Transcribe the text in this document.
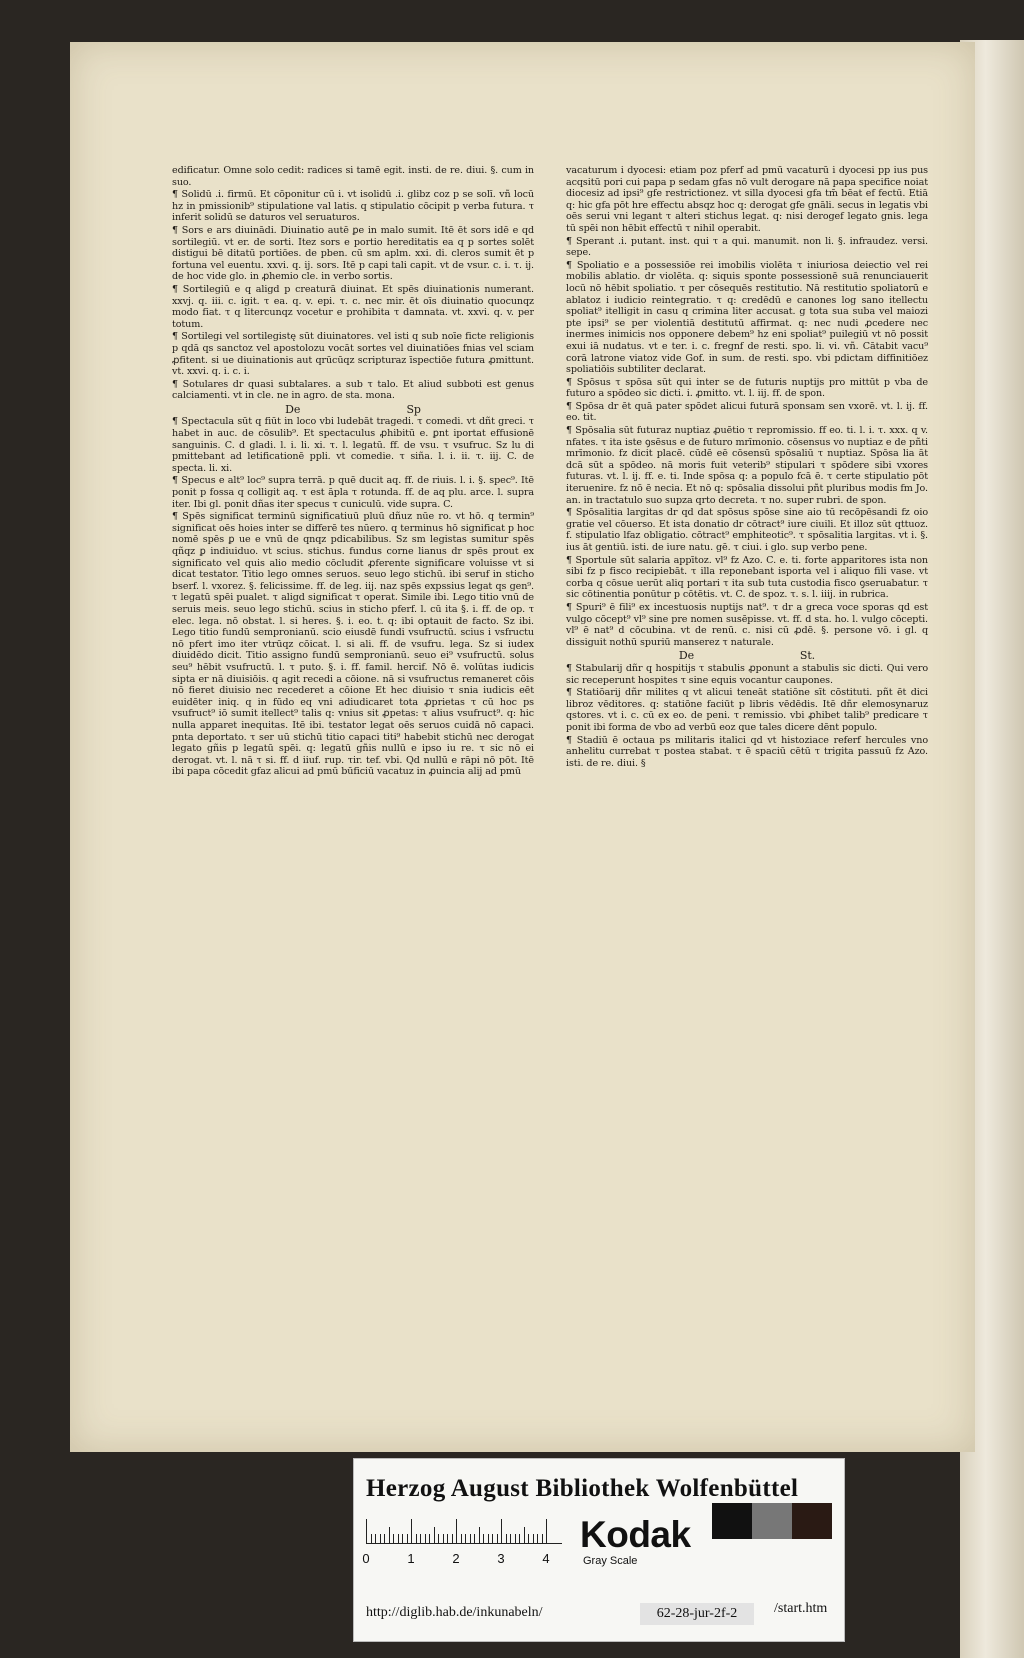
edificatur. Omne solo cedit: radices si tamē egit. insti. de re. diui. §. cum in suo.

¶ Solidū .i. firmū. Et cōponitur cū i. vt isolidū .i. glibz coz p se solī. vñ locū hz in pmissionib⁹ stipulatione val latis. q stipulatio cōcipit p verba futura. τ inferit solidū se daturos vel seruaturos.

¶ Sors e ars diuinādi. Diuinatio autē ꝑe in malo sumit. Itē ēt sors idē e qd sortilegiū. vt er. de sorti. Itez sors e portio hereditatis ea q p sortes solēt distigui bē ditatū portiōes. de pben. cū sm aplm. xxi. di. cleros sumit ēt p fortuna vel euentu. xxvi. q. ij. sors. Itē p capi tali capit. vt de vsur. c. i. τ. ij. de hoc vide glo. in ꝓhemio cle. in verbo sortis.

¶ Sortilegiū e q aligd p creaturā diuinat. Et spēs diuinationis numerant. xxvj. q. iii. c. igit. τ ea. q. v. epi. τ. c. nec mir. ēt oīs diuinatio quocunqz modo fiat. τ q litercunqz vocetur e prohibita τ damnata. vt. xxvi. q. v. per totum.

¶ Sortilegi vel sortilegistę sūt diuinatores. vel isti q sub noīe ficte religionis p qdā qs sanctoz vel apostolozu vocāt sortes vel diuinatiōes fnias vel sciam ꝓfitent. si ue diuinationis aut qrūcūqz scripturaz īspectiōe futura ꝓmittunt. vt. xxvi. q. i. c. i.

¶ Sotulares dr quasi subtalares. a sub τ talo. Et aliud subboti est genus calciamenti. vt in cle. ne in agro. de sta. mona.

De	Sp

¶ Spectacula sūt q fiūt in loco vbi ludebāt tragedi. τ comedi. vt dñt greci. τ habet in auc. de cōsulib⁹. Et spectaculus ꝓhibitū e. ꝑnt iportat effusionē sanguinis. C. d gladi. l. i. li. xi. τ. l. legatū. ff. de vsu. τ vsufruc. Sz lu di pmittebant ad letificationē ppli. vt comedie. τ siña. l. i. ii. τ. iij. C. de specta. li. xi.

¶ Specus e alt⁹ loc⁹ supra terrā. p quē ducit aq. ff. de riuis. l. i. §. spec⁹. Itē ponit p fossa q colligit aq. τ est āpla τ rotunda. ff. de aq plu. arce. l. supra iter. Ibi gl. ponit dñas iter specus τ cuniculū. vide supra. C.

¶ Spēs significat terminū significatiuū pluū dñuz nūe ro. vt hō. q termin⁹ significat oēs hoies inter se differē tes nūero. q terminus hō significat p hoc nomē spēs ꝑ ue e vnū de qnqz pdicabilibus. Sz sm legistas sumitur spēs qñqz ꝑ indiuiduo. vt scius. stichus. fundus corne lianus dr spēs prout ex significato vel quis alio medio cōcludit ꝓferente significare voluisse vt si dicat testator. Titio lego omnes seruos. seuo lego stichū. ibi seruf in sticho bserf. l. vxorez. §. felicissime. ff. de leg. iij. naz spēs expssius legat qs gen⁹. τ legatū spēi pualet. τ aligd significat τ operat. Simile ibi. Lego titio vnū de seruis meis. seuo lego stichū. scius in sticho pferf. l. cū ita §. i. ff. de op. τ elec. lega. nō obstat. l. si heres. §. i. eo. t. q: ibi optauit de facto. Sz ibi. Lego titio fundū sempronianū. scio eiusdē fundi vsufructū. scius i vsfructu nō pfert imo iter vtrūqz cōicat. l. si ali. ff. de vsufru. lega. Sz si iudex diuidēdo dicit. Titio assigno fundū sempronianū. seuo ei⁹ vsufructū. solus seu⁹ hēbit vsufructū. l. τ puto. §. i. ff. famil. hercif. Nō ē. volūtas iudicis sipta er nā diuisiōis. q agit recedi a cōione. nā si vsufructus remaneret cōis nō fieret diuisio nec recederet a cōione Et hec diuisio τ snia iudicis eēt euidēter iniq. q in fūdo eq vni adiudicaret tota ꝓprietas τ cū hoc ps vsufruct⁹ iō sumit itellect⁹ talis q: vnius sit ꝓpetas: τ alius vsufruct⁹. q: hic nulla apparet inequitas. Itē ibi. testator legat oēs seruos cuidā nō capaci. pnta deportato. τ ser uū stichū titio capaci titi⁹ habebit stichū nec derogat legato gñis p legatū spēi. q: legatū gñis nullū e ipso iu re. τ sic nō ei derogat. vt. l. nā τ si. ff. d iiuf. rup. τir. tef. vbi. Qd nullū e rāpi nō pōt. Itē ibi papa cōcedit gfaz alicui ad pmū būficiū vacatuz in ꝓuincia alij ad pmū

vacaturum i dyocesi: etiam poz pferf ad pmū vacaturū i dyocesi pp ius pus acqsitū pori cui papa p sedam gfas nō vult derogare nā papa specifice noiat diocesiz ad ipsi⁹ gfe restrictionez. vt silla dyocesi gfa tm̄ bēat ef fectū. Etiā q: hic gfa pōt hre effectu absqz hoc q: derogat gfe gnāli. secus in legatis vbi oēs serui vni legant τ alteri stichus legat. q: nisi derogef legato gnis. lega tū spēi non hēbit effectū τ nihil operabit.

¶ Sperant .i. putant. inst. qui τ a qui. manumit. non li. §. infraudez. versi. sepe.

¶ Spoliatio e a possessiōe rei imobilis violēta τ iniuriosa deiectio vel rei mobilis ablatio. dr violēta. q: siquis sponte possessionē suā renunciauerit locū nō hēbit spoliatio. τ per cōsequēs restitutio. Nā restitutio spoliatorū e ablatoz i iudicio reintegratio. τ q: credēdū e canones log sano itellectu spoliat⁹ itelligit in casu q crimina liter accusat. g tota sua suba vel maiozi pte ipsi⁹ se per violentiā destitutū affirmat. q: nec nudi ꝓcedere nec inermes inimicis nos opponere debem⁹ hz eni spoliat⁹ puilegiū vt nō possit exui iā nudatus. vt e ter. i. c. fregnf de resti. spo. li. vi. vñ. Cātabit vacu⁹ corā latrone viatoz vide Gof. in sum. de resti. spo. vbi pdictam diffinitiōez spoliatiōis subtiliter declarat.

¶ Spōsus τ spōsa sūt qui inter se de futuris nuptijs pro mittūt p vba de futuro a spōdeo sic dicti. i. ꝓmitto. vt. l. iij. ff. de spon.

¶ Spōsa dr ēt quā pater spōdet alicui futurā sponsam sen vxorē. vt. l. ij. ff. eo. tit.

¶ Spōsalia sūt futuraz nuptiaz ꝓuētio τ repromissio. ff eo. ti. l. i. τ. xxx. q v. nfates. τ ita iste ꝯsēsus e de futuro mrīmonio. cōsensus vo nuptiaz e de pñti mrīmonio. fz dicit placē. cūdē eē cōsensū spōsaliū τ nuptiaz. Spōsa lia āt dcā sūt a spōdeo. nā moris fuit veterib⁹ stipulari τ spōdere sibi vxores futuras. vt. l. ij. ff. e. ti. Inde spōsa q: a populo fcā ē. τ certe stipulatio pōt iteruenire. fz nō ē necia. Et nō q: spōsalia dissolui pñt pluribus modis fm Jo. an. in tractatulo suo supza qrto decreta. τ no. super rubri. de spon.

¶ Spōsalitia largitas dr qd dat spōsus spōse sine aio tū recōpēsandi fz oio gratie vel cōuerso. Et ista donatio dr cōtract⁹ iure ciuili. Et illoz sūt qttuoz. f. stipulatio lfaz obligatio. cōtract⁹ emphiteotic⁹. τ spōsalitia largitas. vt i. §. ius āt gentiū. isti. de iure natu. gē. τ ciui. i glo. sup verbo pene.

¶ Sportule sūt salaria appītoz. vl⁹ fz Azo. C. e. ti. forte apparitores ista non sibi fz p fisco recipiebāt. τ illa reponebant isporta vel i aliquo fili vase. vt corba q cōsue uerūt aliq portari τ ita sub tuta custodia fisco ꝯseruabatur. τ sic cōtinentia ponūtur p cōtētis. vt. C. de spoz. τ. s. l. iiij. in rubrica.

¶ Spuri⁹ ē fili⁹ ex incestuosis nuptijs nat⁹. τ dr a greca voce sporas qd est vulgo cōcept⁹ vl⁹ sine pre nomen susēpisse. vt. ff. d sta. ho. l. vulgo cōcepti. vl⁹ ē nat⁹ d cōcubina. vt de renū. c. nisi cū ꝓdē. §. persone vō. i gl. q dissiguit nothū spuriū manserez τ naturale.

De	St.

¶ Stabularij dñr q hospitijs τ stabulis ꝓponunt a stabulis sic dicti. Qui vero sic receperunt hospites τ sine equis vocantur caupones.

¶ Statiōarij dñr milites q vt alicui teneāt statiōne sīt cōstituti. pñt ēt dici libroz vēditores. q: statiōne faciūt p libris vēdēdis. Itē dñr elemosynaruz qstores. vt i. c. cū ex eo. de peni. τ remissio. vbi ꝓhibet talib⁹ predicare τ ponit ibi forma de vbo ad verbū eoz que tales dicere dēnt populo.

¶ Stadiū ē octaua ps militaris italici qd vt histoziace referf hercules vno anhelitu currebat τ postea stabat. τ ē spaciū cētū τ trigita passuū fz Azo. isti. de re. diui. §

Herzog August Bibliothek Wolfenbüttel
0	1	2	3	4
Kodak
Gray Scale
http://diglib.hab.de/inkunabeln/	62-28-jur-2f-2	/start.htm
